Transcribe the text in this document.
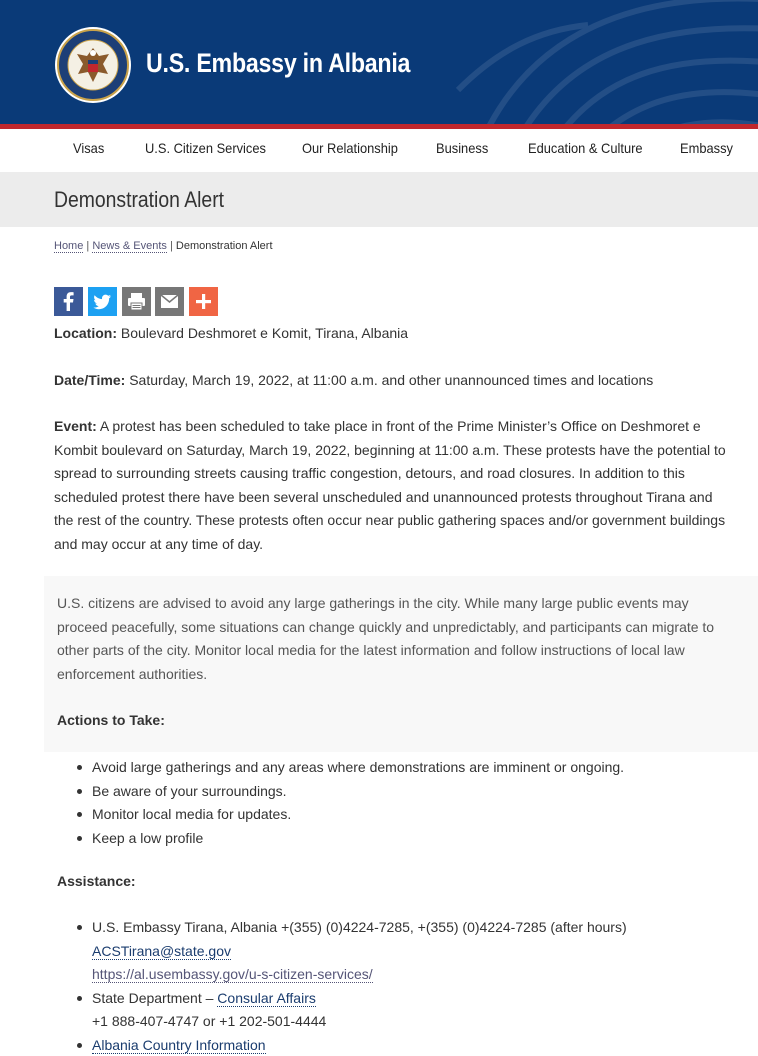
U.S. Embassy in Albania
Visas	U.S. Citizen Services	Our Relationship	Business	Education & Culture	Embassy
Demonstration Alert
Home | News & Events | Demonstration Alert

Location: Boulevard Deshmoret e Komit, Tirana, Albania

Date/Time: Saturday, March 19, 2022, at 11:00 a.m. and other unannounced times and locations

Event: A protest has been scheduled to take place in front of the Prime Minister’s Office on Deshmoret e Kombit boulevard on Saturday, March 19, 2022, beginning at 11:00 a.m. These protests have the potential to spread to surrounding streets causing traffic congestion, detours, and road closures. In addition to this scheduled protest there have been several unscheduled and unannounced protests throughout Tirana and the rest of the country. These protests often occur near public gathering spaces and/or government buildings and may occur at any time of day.

U.S. citizens are advised to avoid any large gatherings in the city. While many large public events may proceed peacefully, some situations can change quickly and unpredictably, and participants can migrate to other parts of the city. Monitor local media for the latest information and follow instructions of local law enforcement authorities.

Actions to Take:
Avoid large gatherings and any areas where demonstrations are imminent or ongoing.
Be aware of your surroundings.
Monitor local media for updates.
Keep a low profile
Assistance:
U.S. Embassy Tirana, Albania +(355) (0)4224-7285, +(355) (0)4224-7285 (after hours)
ACSTirana@state.gov
https://al.usembassy.gov/u-s-citizen-services/
State Department – Consular Affairs
+1 888-407-4747 or +1 202-501-4444
Albania Country Information
